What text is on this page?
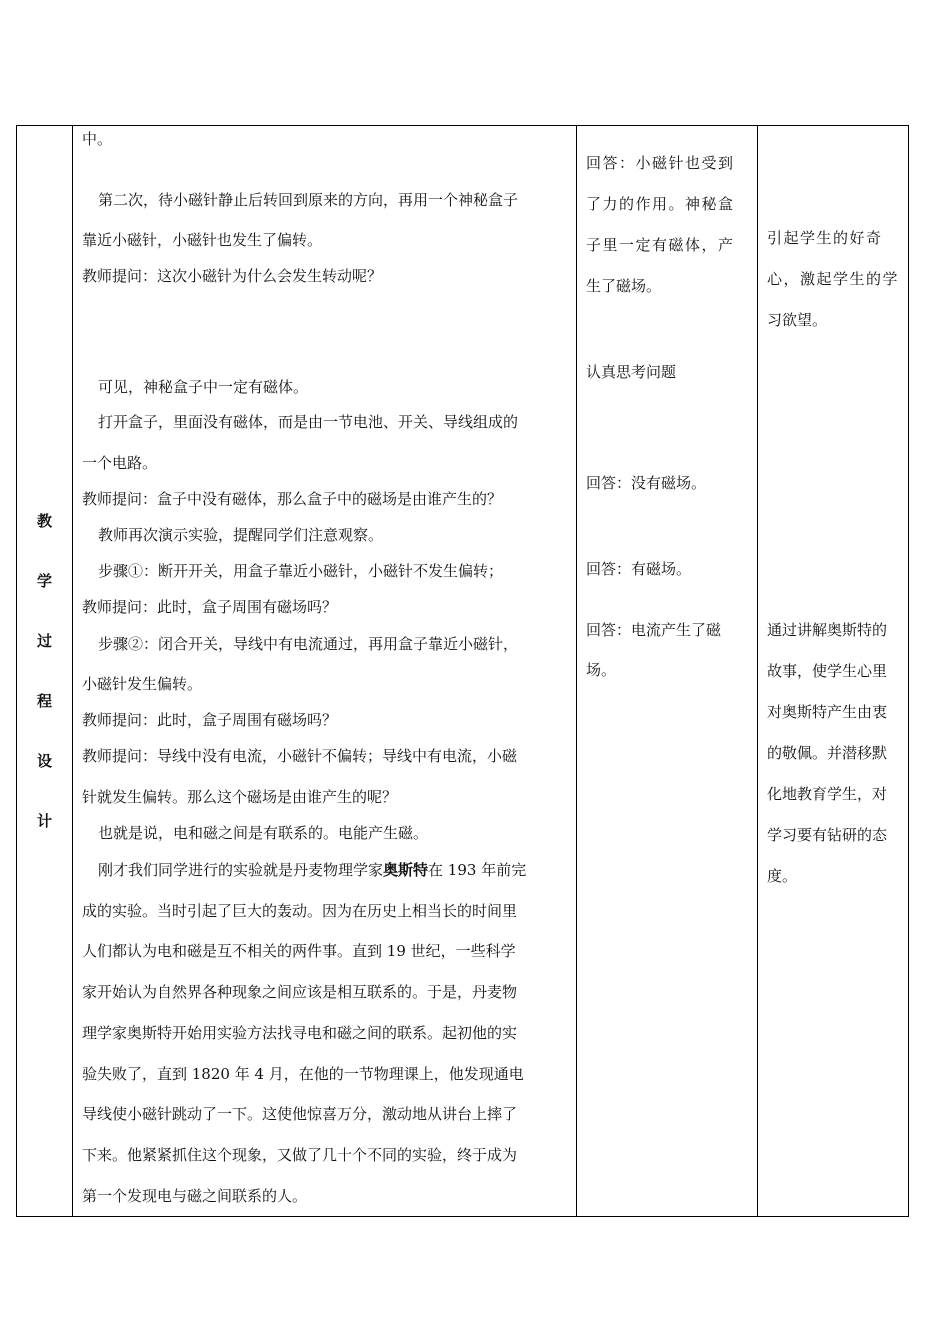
教
学
过
程
设
计
中。
第二次，待小磁针静止后转回到原来的方向，再用一个神秘盒子
靠近小磁针，小磁针也发生了偏转。
教师提问：这次小磁针为什么会发生转动呢？
可见，神秘盒子中一定有磁体。
打开盒子，里面没有磁体，而是由一节电池、开关、导线组成的
一个电路。
教师提问：盒子中没有磁体，那么盒子中的磁场是由谁产生的？
教师再次演示实验，提醒同学们注意观察。
步骤①：断开开关，用盒子靠近小磁针，小磁针不发生偏转；
教师提问：此时，盒子周围有磁场吗？
步骤②：闭合开关，导线中有电流通过，再用盒子靠近小磁针，
小磁针发生偏转。
教师提问：此时，盒子周围有磁场吗？
教师提问：导线中没有电流，小磁针不偏转；导线中有电流，小磁
针就发生偏转。那么这个磁场是由谁产生的呢？
也就是说，电和磁之间是有联系的。电能产生磁。
刚才我们同学进行的实验就是丹麦物理学家奥斯特在 193 年前完
成的实验。当时引起了巨大的轰动。因为在历史上相当长的时间里
人们都认为电和磁是互不相关的两件事。直到 19 世纪，一些科学
家开始认为自然界各种现象之间应该是相互联系的。于是，丹麦物
理学家奥斯特开始用实验方法找寻电和磁之间的联系。起初他的实
验失败了，直到 1820 年 4 月，在他的一节物理课上，他发现通电
导线使小磁针跳动了一下。这使他惊喜万分，激动地从讲台上摔了
下来。他紧紧抓住这个现象，又做了几十个不同的实验，终于成为
第一个发现电与磁之间联系的人。
回答：小磁针也受到
了力的作用。神秘盒
子里一定有磁体，产
生了磁场。
认真思考问题
回答：没有磁场。
回答：有磁场。
回答：电流产生了磁
场。
引起学生的好奇
心，激起学生的学
习欲望。
通过讲解奥斯特的
故事，使学生心里
对奥斯特产生由衷
的敬佩。并潜移默
化地教育学生，对
学习要有钻研的态
度。
